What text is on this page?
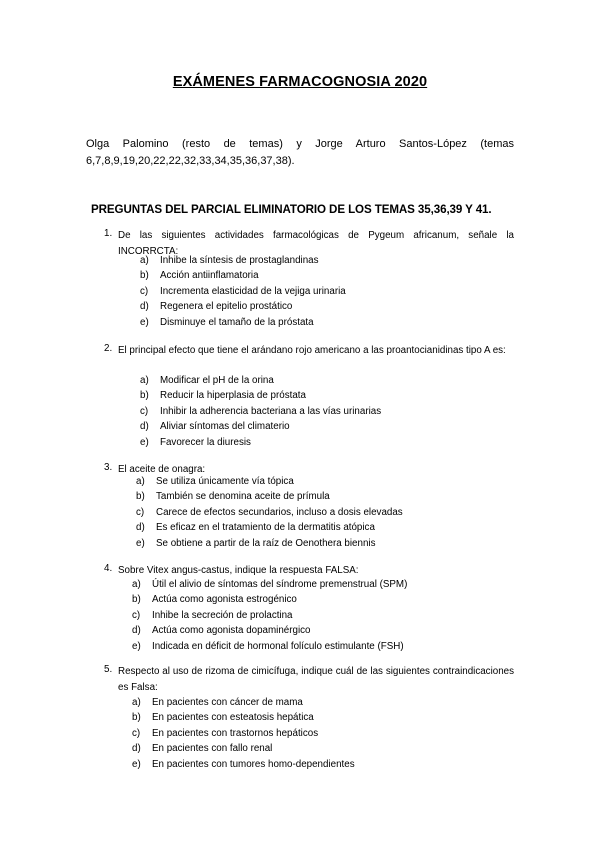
EXÁMENES FARMACOGNOSIA 2020
Olga Palomino (resto de temas) y Jorge Arturo Santos-López (temas 6,7,8,9,19,20,22,22,32,33,34,35,36,37,38).
PREGUNTAS DEL PARCIAL ELIMINATORIO DE LOS TEMAS 35,36,39 Y 41.
1. De las siguientes actividades farmacológicas de Pygeum africanum, señale la INCORRCTA:
a) Inhibe la síntesis de prostaglandinas
b) Acción antiinflamatoria
c) Incrementa elasticidad de la vejiga urinaria
d) Regenera el epitelio prostático
e) Disminuye el tamaño de la próstata
2. El principal efecto que tiene el arándano rojo americano a las proantocianidinas tipo A es:
a) Modificar el pH de la orina
b) Reducir la hiperplasia de próstata
c) Inhibir la adherencia bacteriana a las vías urinarias
d) Aliviar síntomas del climaterio
e) Favorecer la diuresis
3. El aceite de onagra:
a) Se utiliza únicamente vía tópica
b) También se denomina aceite de prímula
c) Carece de efectos secundarios, incluso a dosis elevadas
d) Es eficaz en el tratamiento de la dermatitis atópica
e) Se obtiene a partir de la raíz de Oenothera biennis
4. Sobre Vitex angus-castus, indique la respuesta FALSA:
a) Útil el alivio de síntomas del síndrome premenstrual (SPM)
b) Actúa como agonista estrogénico
c) Inhibe la secreción de prolactina
d) Actúa como agonista dopaminérgico
e) Indicada en déficit de hormonal folículo estimulante (FSH)
5. Respecto al uso de rizoma de cimicífuga, indique cuál de las siguientes contraindicaciones es Falsa:
a) En pacientes con cáncer de mama
b) En pacientes con esteatosis hepática
c) En pacientes con trastornos hepáticos
d) En pacientes con fallo renal
e) En pacientes con tumores homo-dependientes
